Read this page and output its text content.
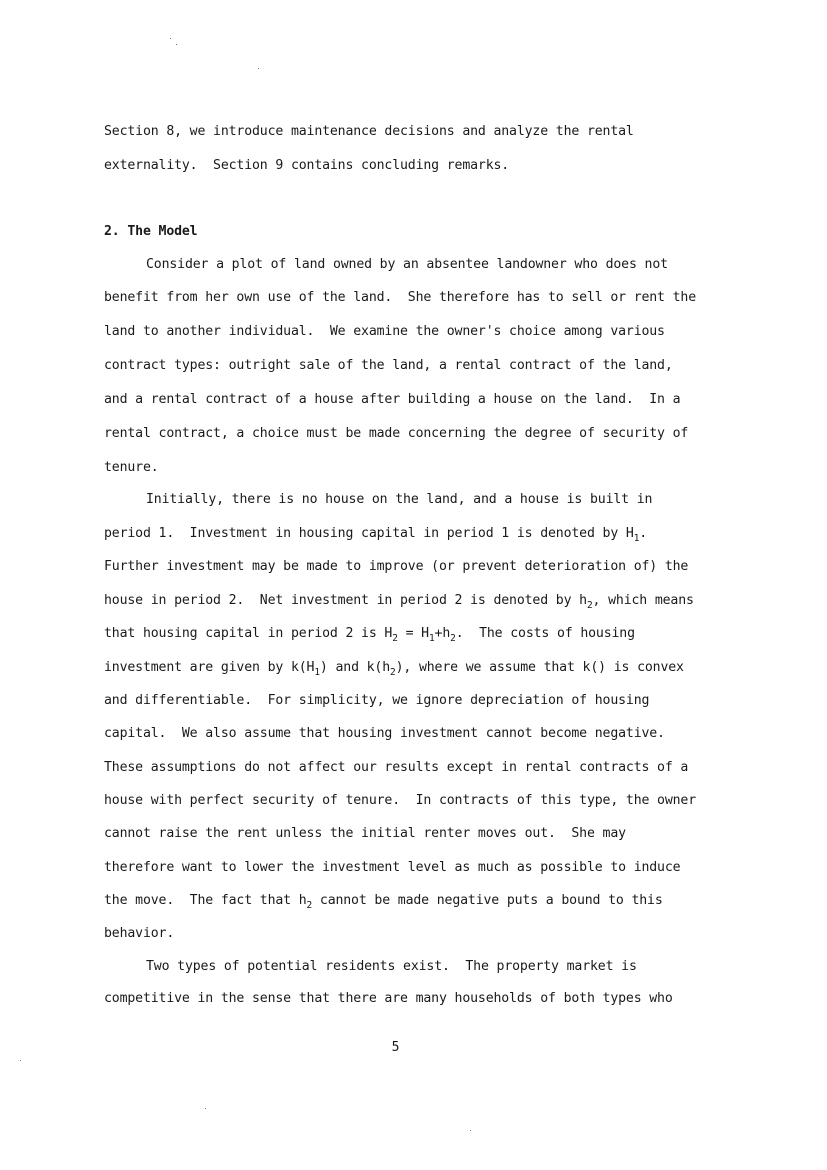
Section 8, we introduce maintenance decisions and analyze the rental
externality.  Section 9 contains concluding remarks.
2. The Model
Consider a plot of land owned by an absentee landowner who does not
benefit from her own use of the land.  She therefore has to sell or rent the
land to another individual.  We examine the owner's choice among various
contract types: outright sale of the land, a rental contract of the land,
and a rental contract of a house after building a house on the land.  In a
rental contract, a choice must be made concerning the degree of security of
tenure.
Initially, there is no house on the land, and a house is built in
period 1.  Investment in housing capital in period 1 is denoted by $H_1$.
Further investment may be made to improve (or prevent deterioration of) the
house in period 2.  Net investment in period 2 is denoted by $h_2$, which means
that housing capital in period 2 is $H_2 = H_1+h_2$.  The costs of housing
investment are given by $k(H_1)$ and $k(h_2)$, where we assume that k() is convex
and differentiable.  For simplicity, we ignore depreciation of housing
capital.  We also assume that housing investment cannot become negative.
These assumptions do not affect our results except in rental contracts of a
house with perfect security of tenure.  In contracts of this type, the owner
cannot raise the rent unless the initial renter moves out.  She may
therefore want to lower the investment level as much as possible to induce
the move.  The fact that $h_2$ cannot be made negative puts a bound to this
behavior.
Two types of potential residents exist.  The property market is
competitive in the sense that there are many households of both types who
5
